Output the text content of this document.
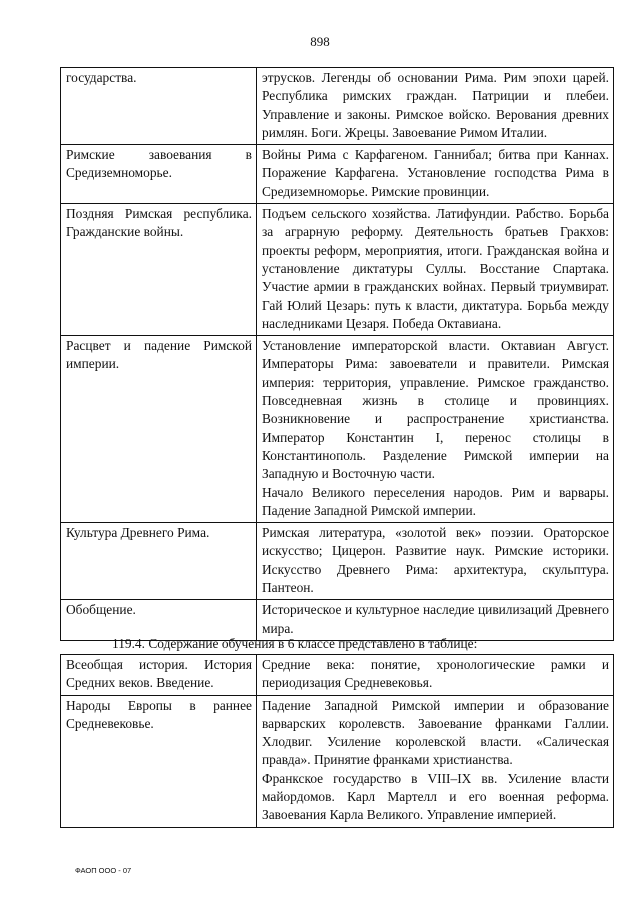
898
государства.	этрусков. Легенды об основании Рима. Рим эпохи царей. Республика римских граждан. Патриции и плебеи. Управление и законы. Римское войско. Верования древних римлян. Боги. Жрецы. Завоевание Римом Италии.

Римские завоевания в Средиземноморье.	Войны Рима с Карфагеном. Ганнибал; битва при Каннах. Поражение Карфагена. Установление господства Рима в Средиземноморье. Римские провинции.

Поздняя Римская республика. Гражданские войны.	Подъем сельского хозяйства. Латифундии. Рабство. Борьба за аграрную реформу. Деятельность братьев Гракхов: проекты реформ, мероприятия, итоги. Гражданская война и установление диктатуры Суллы. Восстание Спартака. Участие армии в гражданских войнах. Первый триумвират. Гай Юлий Цезарь: путь к власти, диктатура. Борьба между наследниками Цезаря. Победа Октавиана.

Расцвет и падение Римской империи.	Установление императорской власти. Октавиан Август. Императоры Рима: завоеватели и правители. Римская империя: территория, управление. Римское гражданство. Повседневная жизнь в столице и провинциях. Возникновение и распространение христианства. Император Константин I, перенос столицы в Константинополь. Разделение Римской империи на Западную и Восточную части.
Начало Великого переселения народов. Рим и варвары. Падение Западной Римской империи.

Культура Древнего Рима.	Римская литература, «золотой век» поэзии. Ораторское искусство; Цицерон. Развитие наук. Римские историки. Искусство Древнего Рима: архитектура, скульптура. Пантеон.

Обобщение.	Историческое и культурное наследие цивилизаций Древнего мира.
119.4. Содержание обучения в 6 классе представлено в таблице:
Всеобщая история. История Средних веков. Введение.	Средние века: понятие, хронологические рамки и периодизация Средневековья.

Народы Европы в раннее Средневековье.	Падение Западной Римской империи и образование варварских королевств. Завоевание франками Галлии. Хлодвиг. Усиление королевской власти. «Салическая правда». Принятие франками христианства.
Франкское государство в VIII–IX вв. Усиление власти майордомов. Карл Мартелл и его военная реформа. Завоевания Карла Великого. Управление империей.
ФАОП ООО - 07
